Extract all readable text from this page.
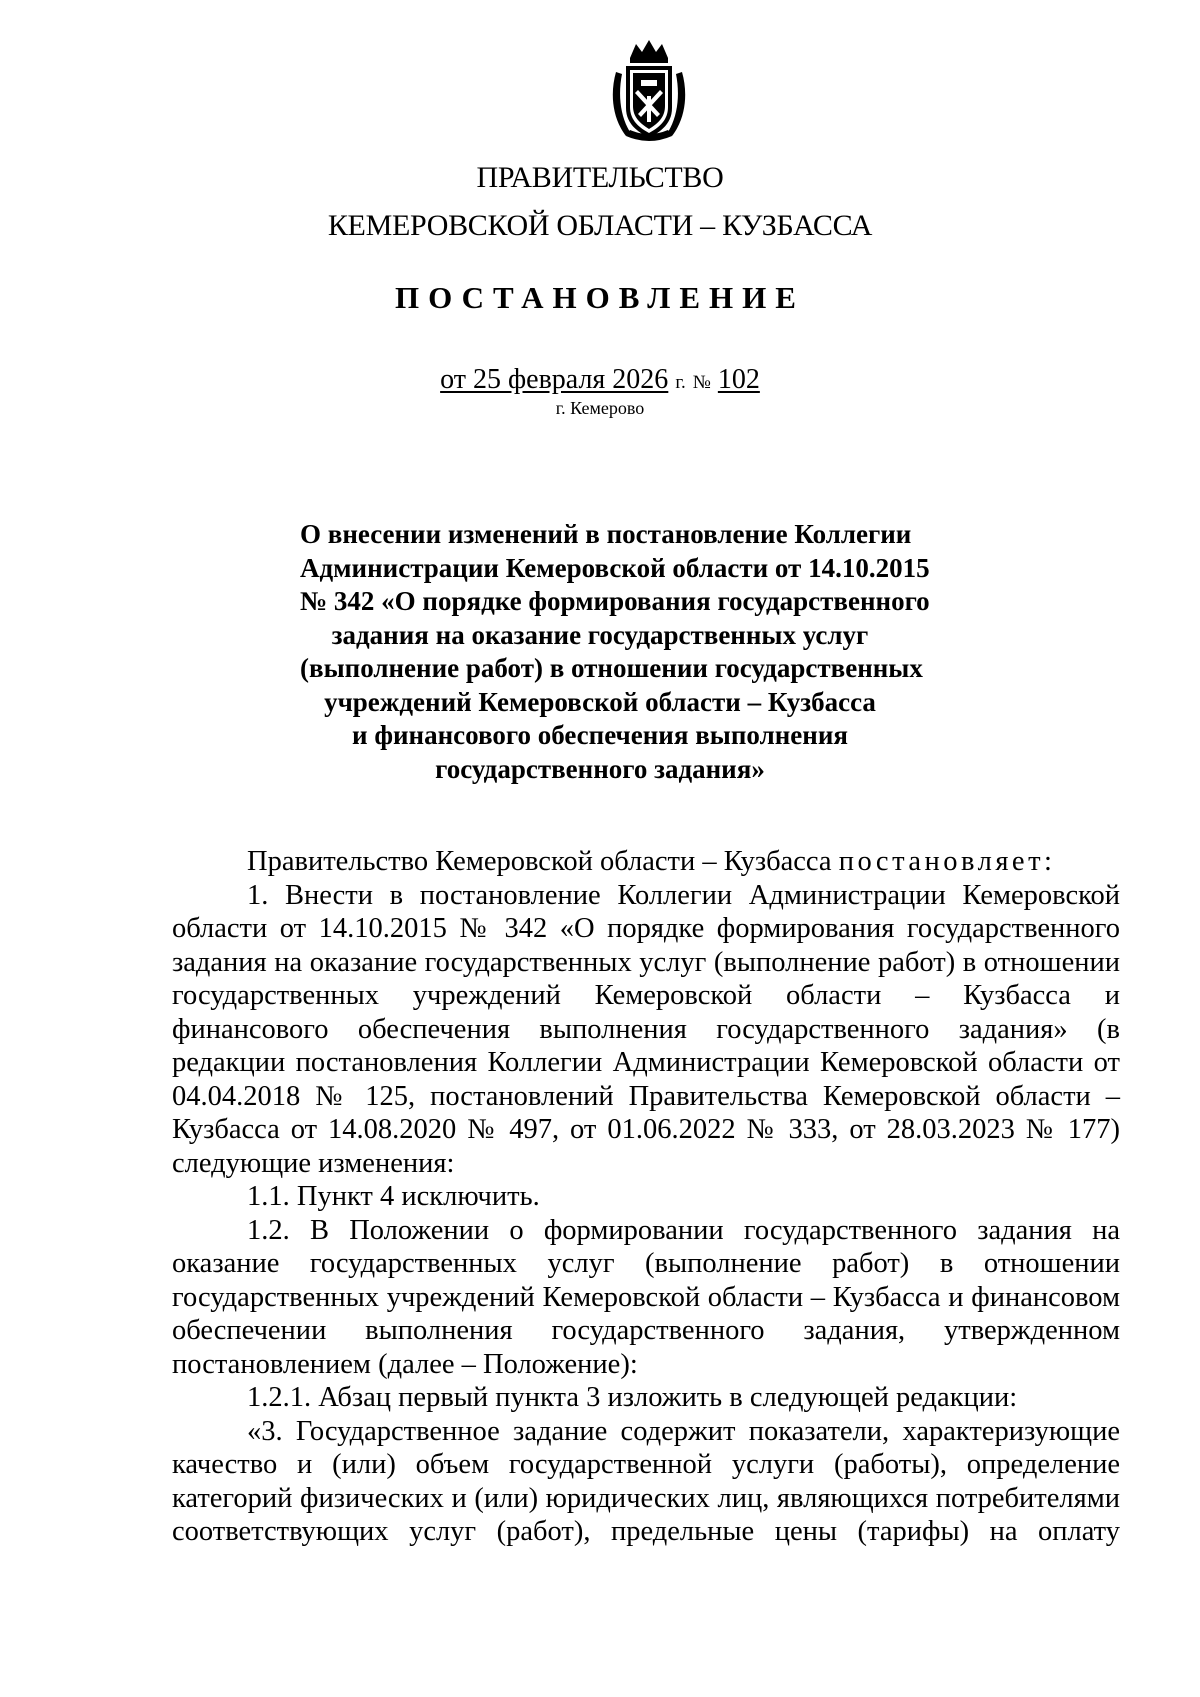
ПРАВИТЕЛЬСТВО
КЕМЕРОВСКОЙ ОБЛАСТИ – КУЗБАССА
ПОСТАНОВЛЕНИЕ
от 25 февраля 2026 г. № 102
г. Кемерово
О внесении изменений в постановление Коллегии
Администрации Кемеровской области от 14.10.2015
№ 342 «О порядке формирования государственного
задания на оказание государственных услуг
(выполнение работ) в отношении государственных
учреждений Кемеровской области – Кузбасса
и финансового обеспечения выполнения
государственного задания»

Правительство Кемеровской области – Кузбасса постановляет:

1. Внести в постановление Коллегии Администрации Кемеровской области от 14.10.2015 № 342 «О порядке формирования государственного задания на оказание государственных услуг (выполнение работ) в отношении государственных учреждений Кемеровской области – Кузбасса и финансового обеспечения выполнения государственного задания» (в редакции постановления Коллегии Администрации Кемеровской области от 04.04.2018 № 125, постановлений Правительства Кемеровской области – Кузбасса от 14.08.2020 № 497, от 01.06.2022 № 333, от 28.03.2023 № 177) следующие изменения:

1.1. Пункт 4 исключить.

1.2. В Положении о формировании государственного задания на оказание государственных услуг (выполнение работ) в отношении государственных учреждений Кемеровской области – Кузбасса и финансовом обеспечении выполнения государственного задания, утвержденном постановлением (далее – Положение):

1.2.1. Абзац первый пункта 3 изложить в следующей редакции:

«3. Государственное задание содержит показатели, характеризующие качество и (или) объем государственной услуги (работы), определение категорий физических и (или) юридических лиц, являющихся потребителями соответствующих услуг (работ), предельные цены (тарифы) на оплату
